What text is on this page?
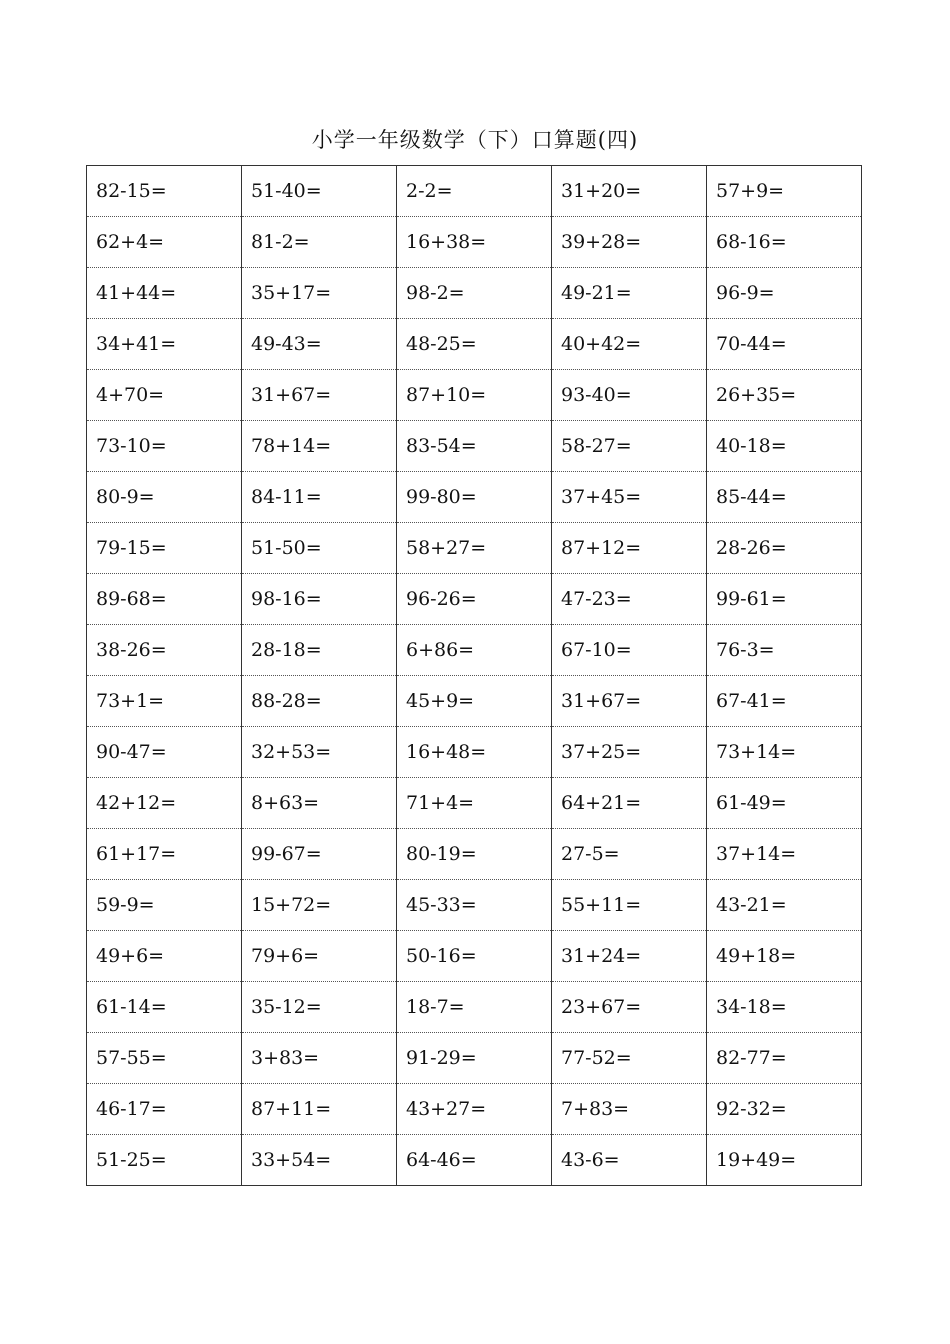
小学一年级数学（下）口算题(四)
82-15=	51-40=	2-2=	31+20=	57+9=
62+4=	81-2=	16+38=	39+28=	68-16=
41+44=	35+17=	98-2=	49-21=	96-9=
34+41=	49-43=	48-25=	40+42=	70-44=
4+70=	31+67=	87+10=	93-40=	26+35=
73-10=	78+14=	83-54=	58-27=	40-18=
80-9=	84-11=	99-80=	37+45=	85-44=
79-15=	51-50=	58+27=	87+12=	28-26=
89-68=	98-16=	96-26=	47-23=	99-61=
38-26=	28-18=	6+86=	67-10=	76-3=
73+1=	88-28=	45+9=	31+67=	67-41=
90-47=	32+53=	16+48=	37+25=	73+14=
42+12=	8+63=	71+4=	64+21=	61-49=
61+17=	99-67=	80-19=	27-5=	37+14=
59-9=	15+72=	45-33=	55+11=	43-21=
49+6=	79+6=	50-16=	31+24=	49+18=
61-14=	35-12=	18-7=	23+67=	34-18=
57-55=	3+83=	91-29=	77-52=	82-77=
46-17=	87+11=	43+27=	7+83=	92-32=
51-25=	33+54=	64-46=	43-6=	19+49=
